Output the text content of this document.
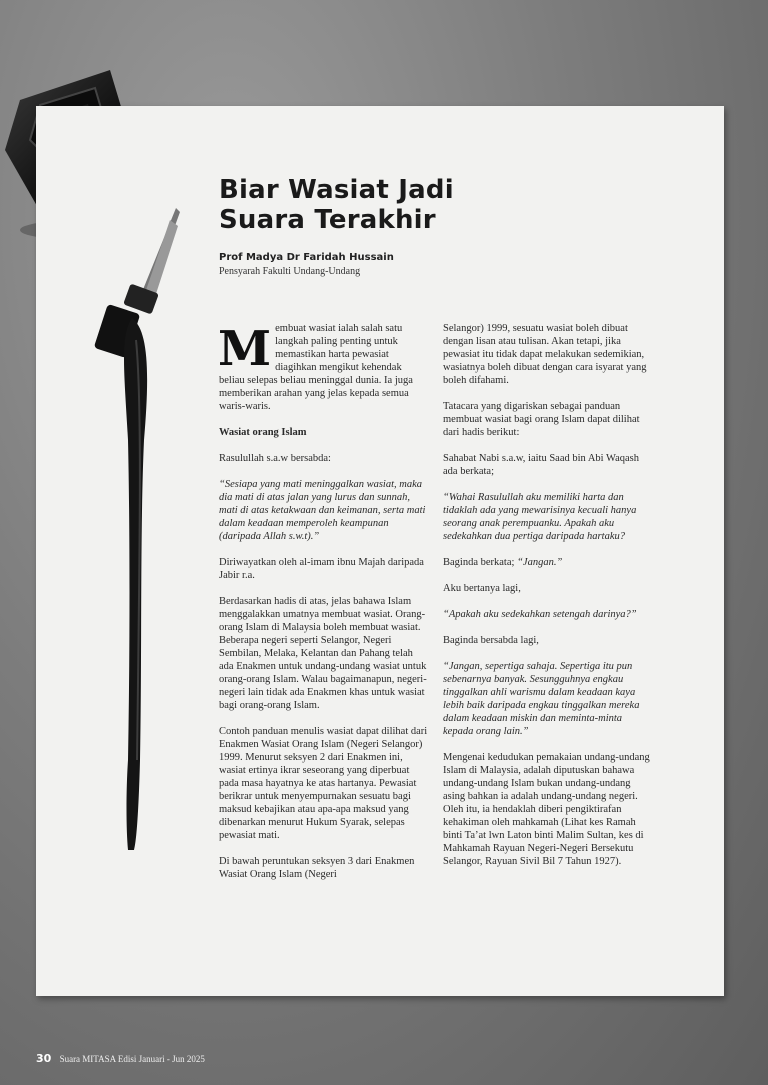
Biar Wasiat Jadi
Suara Terakhir
Prof Madya Dr Faridah Hussain
Pensyarah Fakulti Undang-Undang

Membuat wasiat ialah salah satu langkah paling penting untuk memastikan harta pewasiat diagihkan mengikut kehendak beliau selepas beliau meninggal dunia. Ia juga memberikan arahan yang jelas kepada semua waris-waris.

Wasiat orang Islam

Rasulullah s.a.w bersabda:

“Sesiapa yang mati meninggalkan wasiat, maka dia mati di atas jalan yang lurus dan sunnah, mati di atas ketakwaan dan keimanan, serta mati dalam keadaan memperoleh keampunan (daripada Allah s.w.t).”

Diriwayatkan oleh al-imam ibnu Majah daripada Jabir r.a.

Berdasarkan hadis di atas, jelas bahawa Islam menggalakkan umatnya membuat wasiat. Orang-orang Islam di Malaysia boleh membuat wasiat. Beberapa negeri seperti Selangor, Negeri Sembilan, Melaka, Kelantan dan Pahang telah ada Enakmen untuk undang-undang wasiat untuk orang-orang Islam. Walau bagaimanapun, negeri-negeri lain tidak ada Enakmen khas untuk wasiat bagi orang-orang Islam.

Contoh panduan menulis wasiat dapat dilihat dari Enakmen Wasiat Orang Islam (Negeri Selangor) 1999. Menurut seksyen 2 dari Enakmen ini, wasiat ertinya ikrar seseorang yang diperbuat pada masa hayatnya ke atas hartanya. Pewasiat berikrar untuk menyempurnakan sesuatu bagi maksud kebajikan atau apa-apa maksud yang dibenarkan menurut Hukum Syarak, selepas pewasiat mati.

Di bawah peruntukan seksyen 3 dari Enakmen Wasiat Orang Islam (Negeri

Selangor) 1999, sesuatu wasiat boleh dibuat dengan lisan atau tulisan. Akan tetapi, jika pewasiat itu tidak dapat melakukan sedemikian, wasiatnya boleh dibuat dengan cara isyarat yang boleh difahami.

Tatacara yang digariskan sebagai panduan membuat wasiat bagi orang Islam dapat dilihat dari hadis berikut:

Sahabat Nabi s.a.w, iaitu Saad bin Abi Waqash ada berkata;

“Wahai Rasulullah aku memiliki harta dan tidaklah ada yang mewarisinya kecuali hanya seorang anak perempuanku. Apakah aku sedekahkan dua pertiga daripada hartaku?

Baginda berkata; “Jangan.”

Aku bertanya lagi,

“Apakah aku sedekahkan setengah darinya?”

Baginda bersabda lagi,

“Jangan, sepertiga sahaja. Sepertiga itu pun sebenarnya banyak. Sesungguhnya engkau tinggalkan ahli warismu dalam keadaan kaya lebih baik daripada engkau tinggalkan mereka dalam keadaan miskin dan meminta-minta kepada orang lain.”

Mengenai kedudukan pemakaian undang-undang Islam di Malaysia, adalah diputuskan bahawa undang-undang Islam bukan undang-undang asing bahkan ia adalah undang-undang negeri. Oleh itu, ia hendaklah diberi pengiktirafan kehakiman oleh mahkamah (Lihat kes Ramah binti Ta’at lwn Laton binti Malim Sultan, kes di Mahkamah Rayuan Negeri-Negeri Bersekutu Selangor, Rayuan Sivil Bil 7 Tahun 1927).

30 Suara MITASA Edisi Januari - Jun 2025
